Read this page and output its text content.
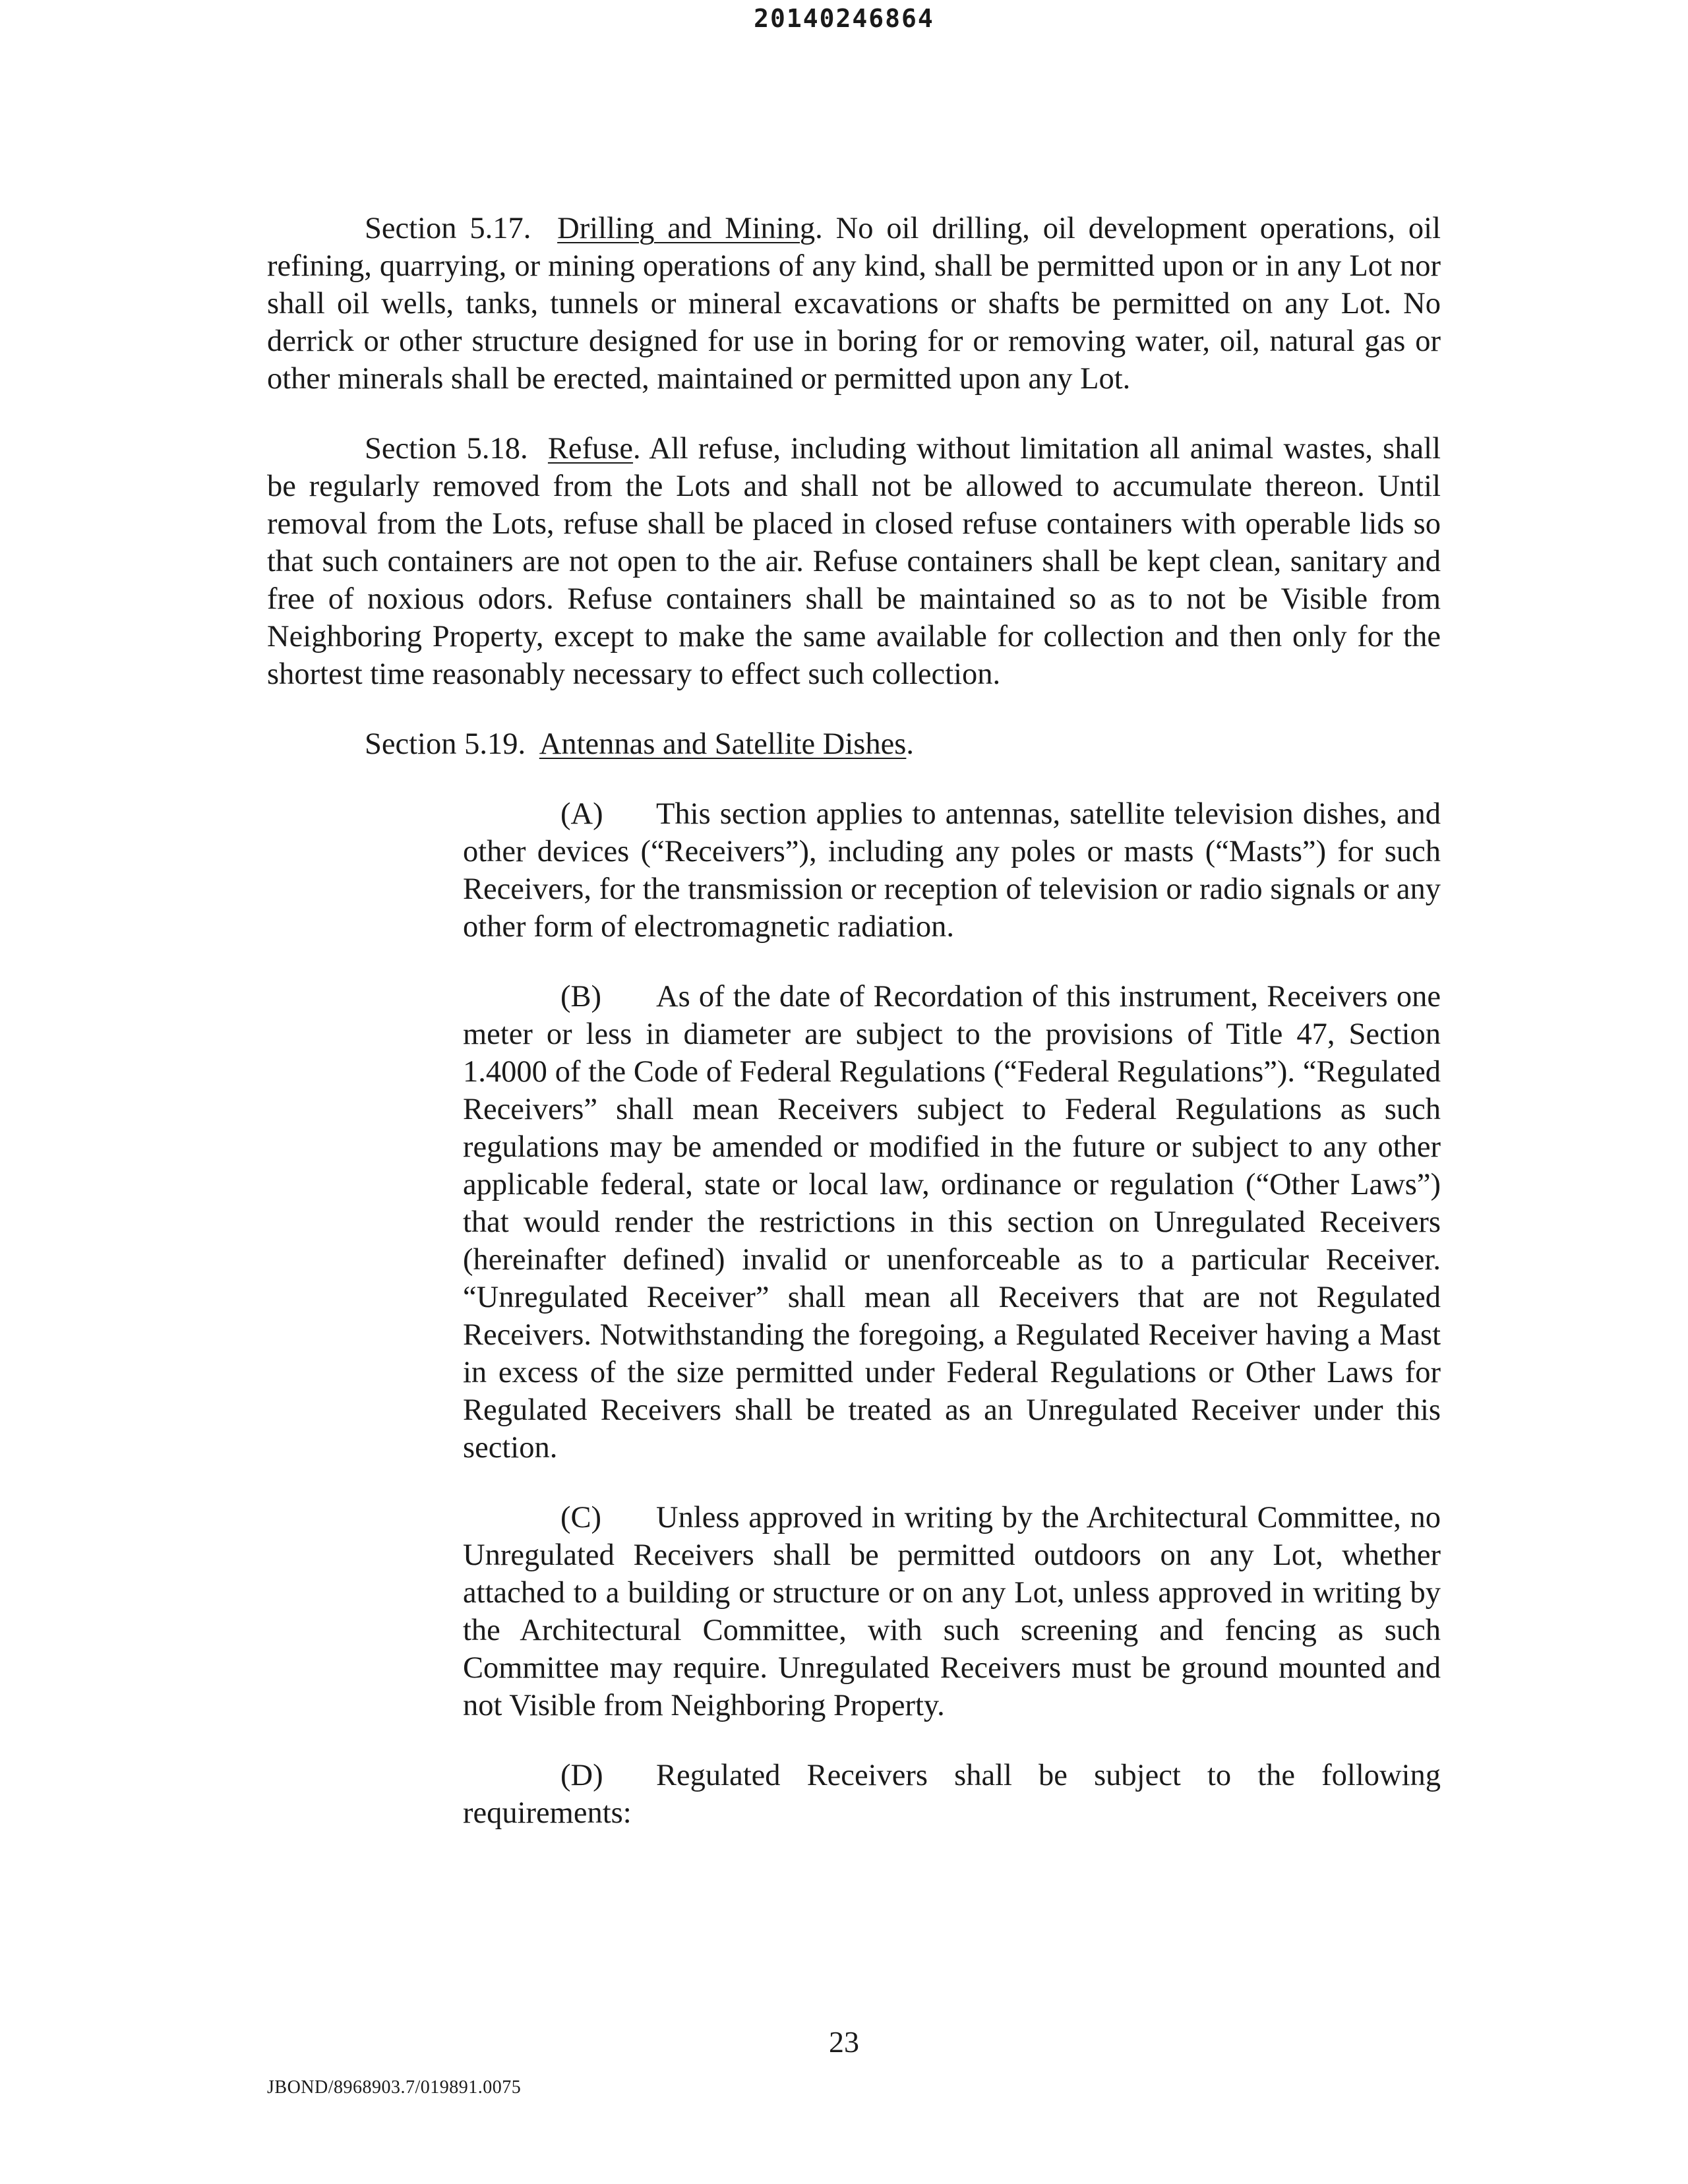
20140246864

Section 5.17. Drilling and Mining. No oil drilling, oil development operations, oil refining, quarrying, or mining operations of any kind, shall be permitted upon or in any Lot nor shall oil wells, tanks, tunnels or mineral excavations or shafts be permitted on any Lot. No derrick or other structure designed for use in boring for or removing water, oil, natural gas or other minerals shall be erected, maintained or permitted upon any Lot.

Section 5.18. Refuse. All refuse, including without limitation all animal wastes, shall be regularly removed from the Lots and shall not be allowed to accumulate thereon. Until removal from the Lots, refuse shall be placed in closed refuse containers with operable lids so that such containers are not open to the air. Refuse containers shall be kept clean, sanitary and free of noxious odors. Refuse containers shall be maintained so as to not be Visible from Neighboring Property, except to make the same available for collection and then only for the shortest time reasonably necessary to effect such collection.

Section 5.19. Antennas and Satellite Dishes.

(A) This section applies to antennas, satellite television dishes, and other devices (“Receivers”), including any poles or masts (“Masts”) for such Receivers, for the transmission or reception of television or radio signals or any other form of electromagnetic radiation.

(B) As of the date of Recordation of this instrument, Receivers one meter or less in diameter are subject to the provisions of Title 47, Section 1.4000 of the Code of Federal Regulations (“Federal Regulations”). “Regulated Receivers” shall mean Receivers subject to Federal Regulations as such regulations may be amended or modified in the future or subject to any other applicable federal, state or local law, ordinance or regulation (“Other Laws”) that would render the restrictions in this section on Unregulated Receivers (hereinafter defined) invalid or unenforceable as to a particular Receiver. “Unregulated Receiver” shall mean all Receivers that are not Regulated Receivers. Notwithstanding the foregoing, a Regulated Receiver having a Mast in excess of the size permitted under Federal Regulations or Other Laws for Regulated Receivers shall be treated as an Unregulated Receiver under this section.

(C) Unless approved in writing by the Architectural Committee, no Unregulated Receivers shall be permitted outdoors on any Lot, whether attached to a building or structure or on any Lot, unless approved in writing by the Architectural Committee, with such screening and fencing as such Committee may require. Unregulated Receivers must be ground mounted and not Visible from Neighboring Property.

(D) Regulated Receivers shall be subject to the following requirements:

23
JBOND/8968903.7/019891.0075
